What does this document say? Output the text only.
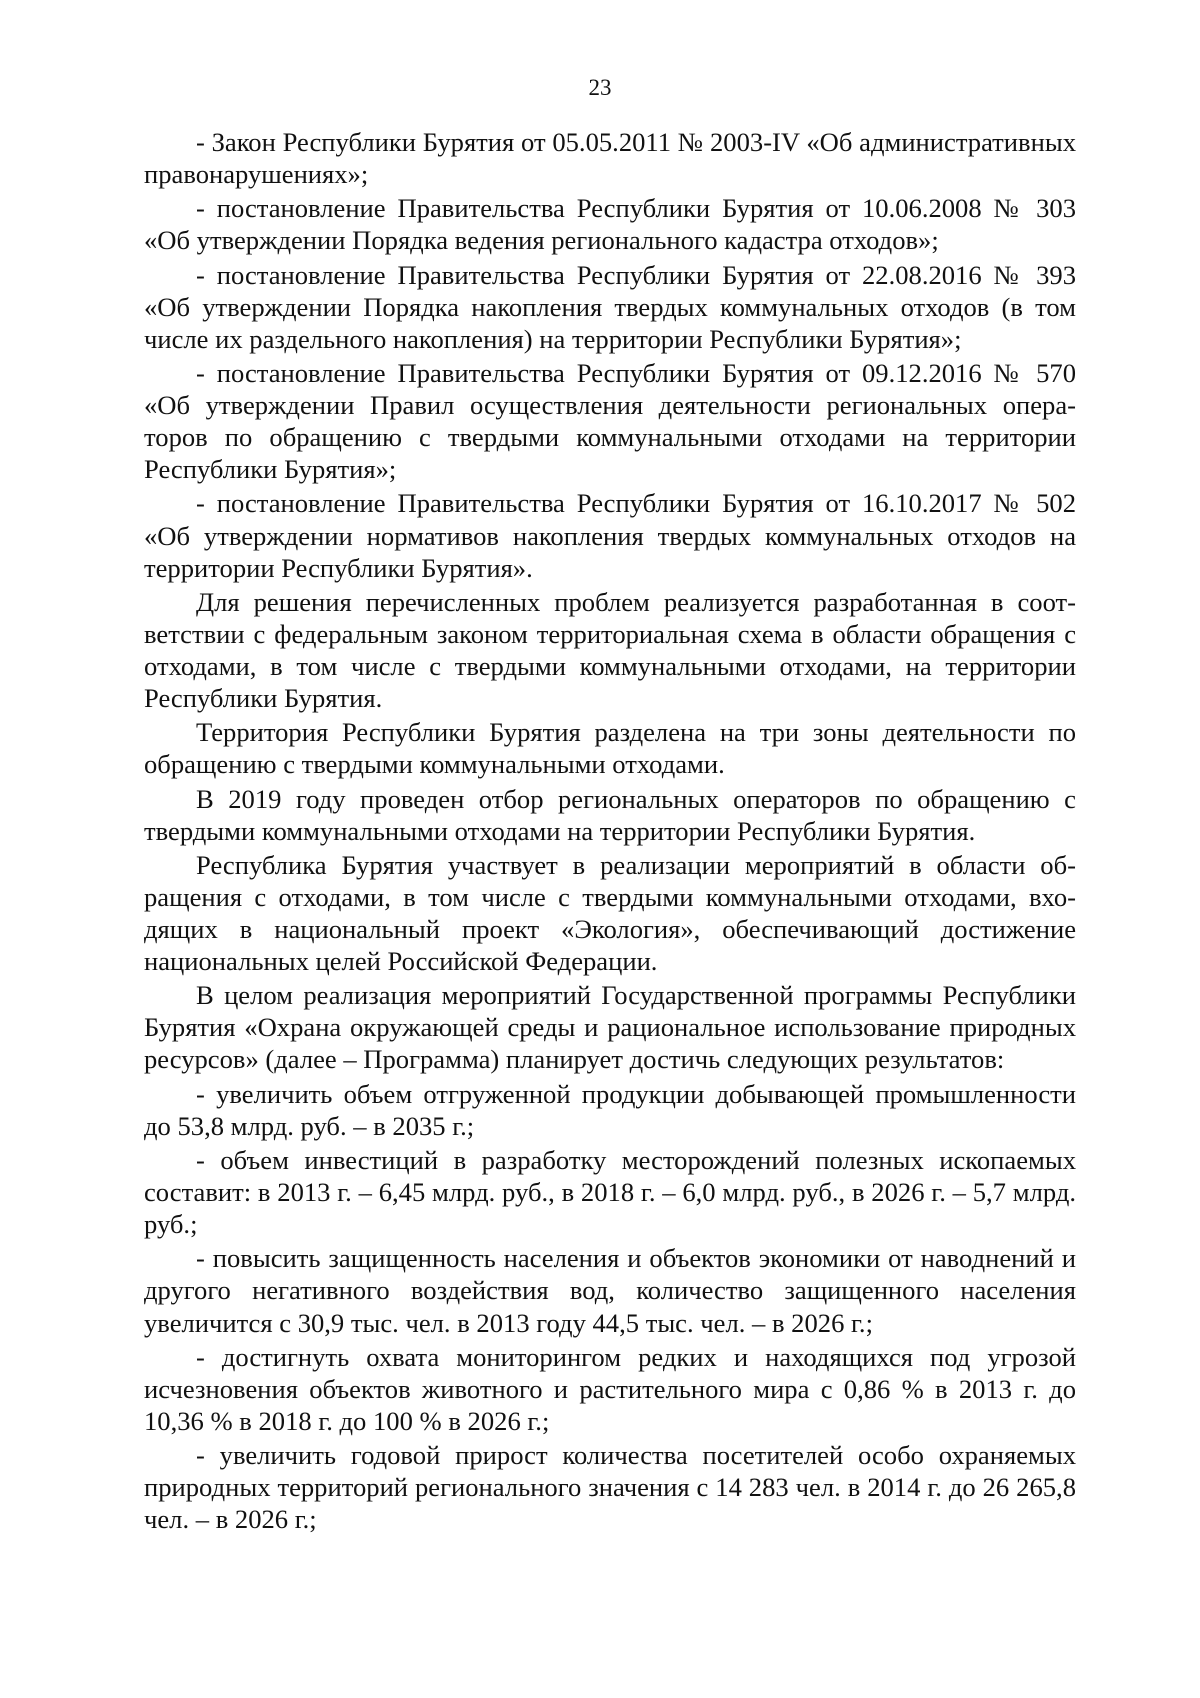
23

- Закон Республики Бурятия от 05.05.2011 № 2003-IV «Об административных правонарушениях»;

- постановление Правительства Республики Бурятия от 10.06.2008 № 303 «Об утверждении Порядка ведения регионального кадастра отходов»;

- постановление Правительства Республики Бурятия от 22.08.2016 № 393 «Об утверждении Порядка накопления твердых коммунальных отходов (в том числе их раздельного накопления) на территории Республики Бурятия»;

- постановление Правительства Республики Бурятия от 09.12.2016 № 570 «Об утверждении Правил осуществления деятельности региональных операторов по обращению с твердыми коммунальными отходами на территории Республики Бурятия»;

- постановление Правительства Республики Бурятия от 16.10.2017 № 502 «Об утверждении нормативов накопления твердых коммунальных отходов на территории Республики Бурятия».

Для решения перечисленных проблем реализуется разработанная в соответствии с федеральным законом территориальная схема в области обращения с отходами, в том числе с твердыми коммунальными отходами, на территории Республики Бурятия.

Территория Республики Бурятия разделена на три зоны деятельности по обращению с твердыми коммунальными отходами.

В 2019 году проведен отбор региональных операторов по обращению с твердыми коммунальными отходами на территории Республики Бурятия.

Республика Бурятия участвует в реализации мероприятий в области обращения с отходами, в том числе с твердыми коммунальными отходами, входящих в национальный проект «Экология», обеспечивающий достижение национальных целей Российской Федерации.

В целом реализация мероприятий Государственной программы Республики Бурятия «Охрана окружающей среды и рациональное использование природных ресурсов» (далее – Программа) планирует достичь следующих результатов:

- увеличить объем отгруженной продукции добывающей промышленности до 53,8 млрд. руб. – в 2035 г.;

- объем инвестиций в разработку месторождений полезных ископаемых составит: в 2013 г. – 6,45 млрд. руб., в 2018 г. – 6,0 млрд. руб., в 2026 г. – 5,7 млрд. руб.;

- повысить защищенность населения и объектов экономики от наводнений и другого негативного воздействия вод, количество защищенного населения увеличится с 30,9 тыс. чел. в 2013 году 44,5 тыс. чел. – в 2026 г.;

- достигнуть охвата мониторингом редких и находящихся под угрозой исчезновения объектов животного и растительного мира с 0,86 % в 2013 г. до 10,36 % в 2018 г. до 100 % в 2026 г.;

- увеличить годовой прирост количества посетителей особо охраняемых природных территорий регионального значения с 14 283 чел. в 2014 г. до 26 265,8 чел. – в 2026 г.;
